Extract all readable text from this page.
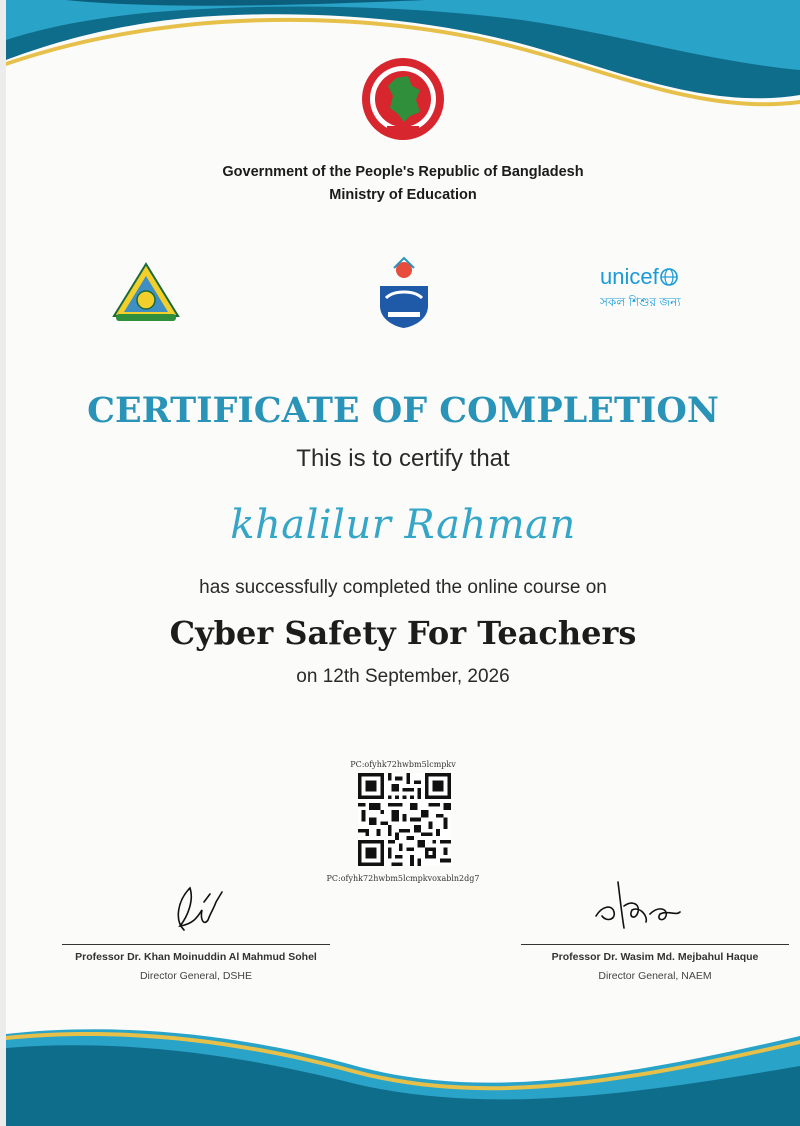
Government of the People's Republic of Bangladesh
Ministry of Education
unicef
সকল শিশুর জন্য
CERTIFICATE OF COMPLETION
This is to certify that
khalilur Rahman
has successfully completed the online course on
Cyber Safety For Teachers
on 12th September, 2026
PC:ofyhk72hwbm5lcmpkv
PC:ofyhk72hwbm5lcmpkvoxabln2dg7
Professor Dr. Khan Moinuddin Al Mahmud Sohel
Director General, DSHE
Professor Dr. Wasim Md. Mejbahul Haque
Director General, NAEM
